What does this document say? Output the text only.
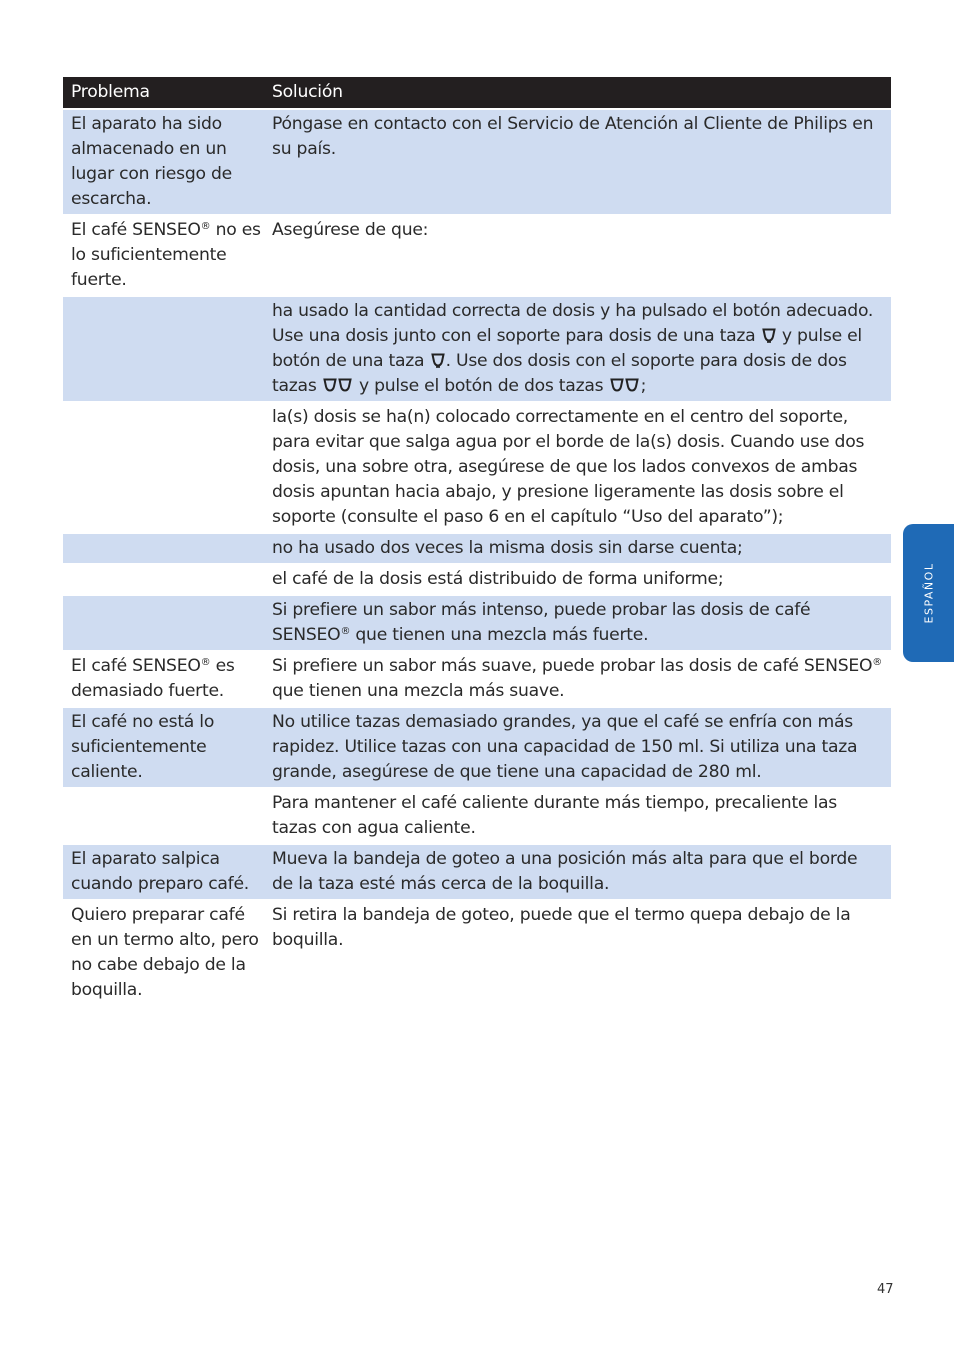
Problema	Solución
El aparato ha sido almacenado en un lugar con riesgo de escarcha.
Póngase en contacto con el Servicio de Atención al Cliente de Philips en su país.
El café SENSEO® no es lo suficientemente fuerte.
Asegúrese de que:
ha usado la cantidad correcta de dosis y ha pulsado el botón adecuado. Use una dosis junto con el soporte para dosis de una taza  y pulse el botón de una taza . Use dos dosis con el soporte para dosis de dos tazas  y pulse el botón de dos tazas ;
la(s) dosis se ha(n) colocado correctamente en el centro del soporte, para evitar que salga agua por el borde de la(s) dosis. Cuando use dos dosis, una sobre otra, asegúrese de que los lados convexos de ambas dosis apuntan hacia abajo, y presione ligeramente las dosis sobre el soporte (consulte el paso 6 en el capítulo “Uso del aparato”);
no ha usado dos veces la misma dosis sin darse cuenta;
el café de la dosis está distribuido de forma uniforme;
Si prefiere un sabor más intenso, puede probar las dosis de café SENSEO® que tienen una mezcla más fuerte.
El café SENSEO® es demasiado fuerte.
Si prefiere un sabor más suave, puede probar las dosis de café SENSEO® que tienen una mezcla más suave.
El café no está lo suficientemente caliente.
No utilice tazas demasiado grandes, ya que el café se enfría con más rapidez. Utilice tazas con una capacidad de 150 ml. Si utiliza una taza grande, asegúrese de que tiene una capacidad de 280 ml.
Para mantener el café caliente durante más tiempo, precaliente las tazas con agua caliente.
El aparato salpica cuando preparo café.
Mueva la bandeja de goteo a una posición más alta para que el borde de la taza esté más cerca de la boquilla.
Quiero preparar café en un termo alto, pero no cabe debajo de la boquilla.
Si retira la bandeja de goteo, puede que el termo quepa debajo de la boquilla.
ESPAÑOL
47
